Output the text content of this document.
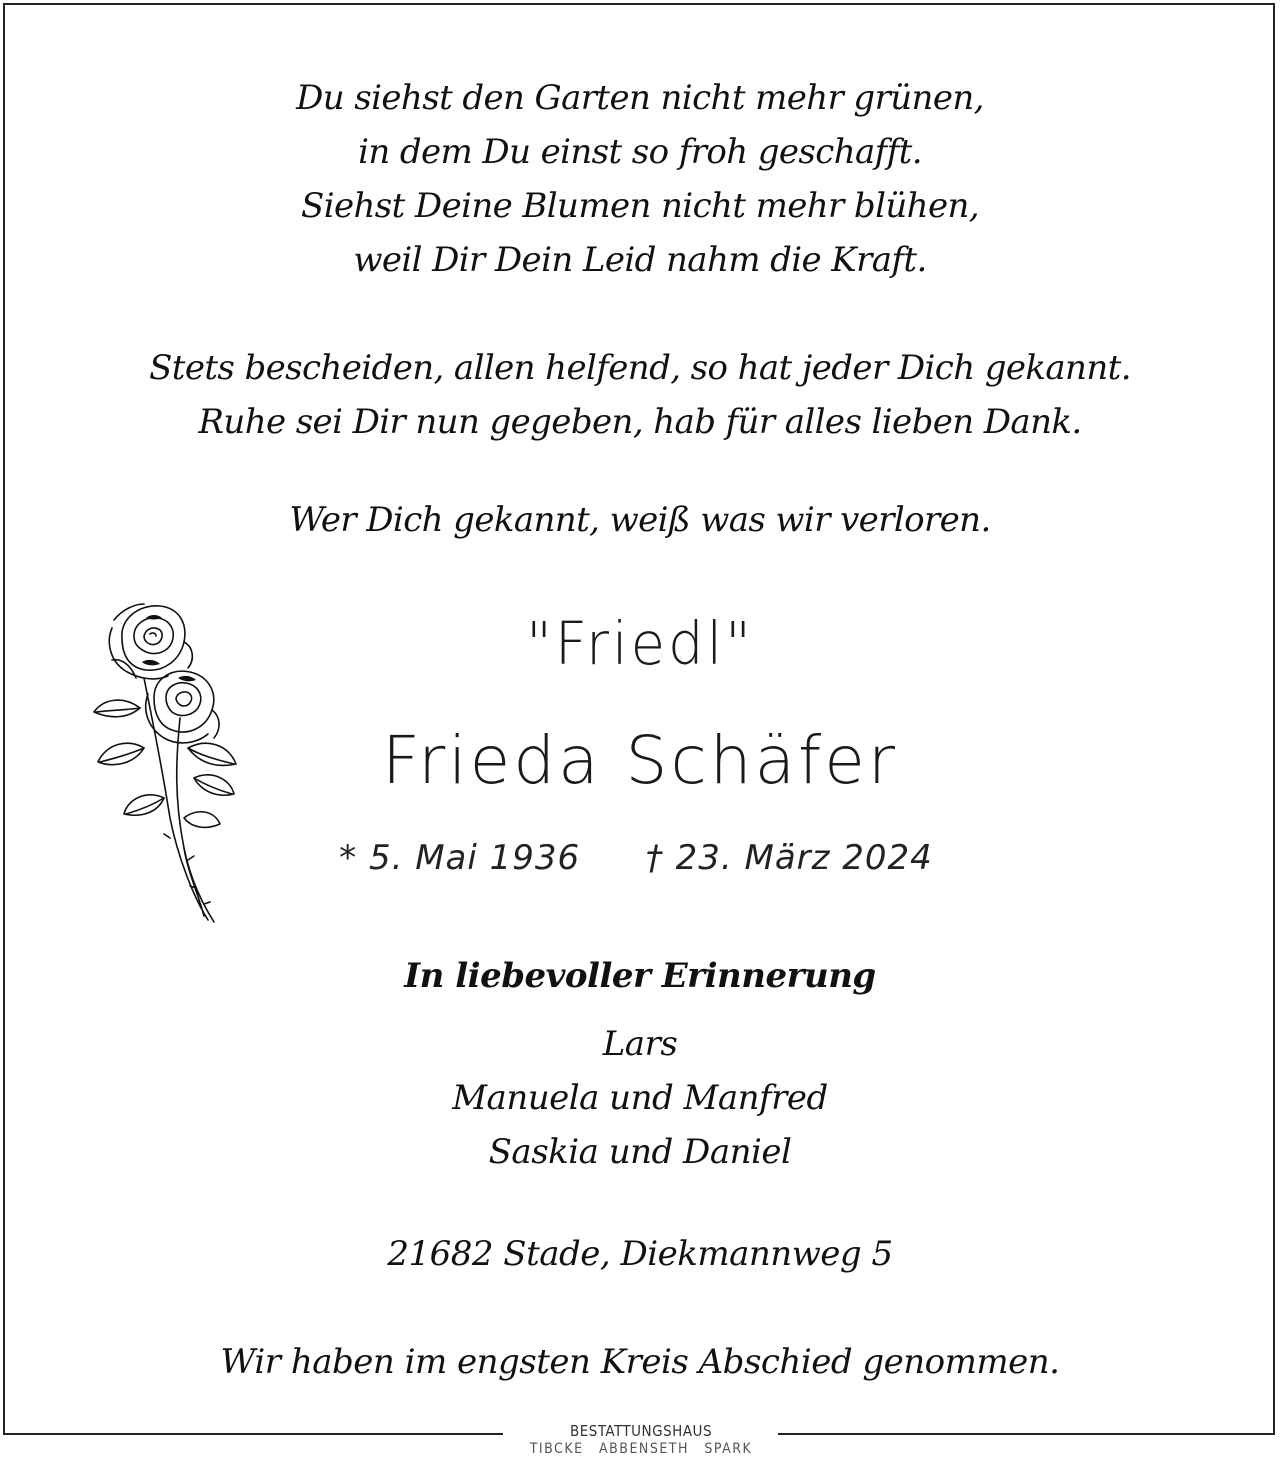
Du siehst den Garten nicht mehr grünen,
in dem Du einst so froh geschafft.
Siehst Deine Blumen nicht mehr blühen,
weil Dir Dein Leid nahm die Kraft.
Stets bescheiden, allen helfend, so hat jeder Dich gekannt.
Ruhe sei Dir nun gegeben, hab für alles lieben Dank.
Wer Dich gekannt, weiß was wir verloren.
"Friedl"
Frieda Schäfer
* 5. Mai 1936 † 23. März 2024
In liebevoller Erinnerung
Lars
Manuela und Manfred
Saskia und Daniel
21682 Stade, Diekmannweg 5
Wir haben im engsten Kreis Abschied genommen.
BESTATTUNGSHAUS
TIBCKE ABBENSETH SPARK
